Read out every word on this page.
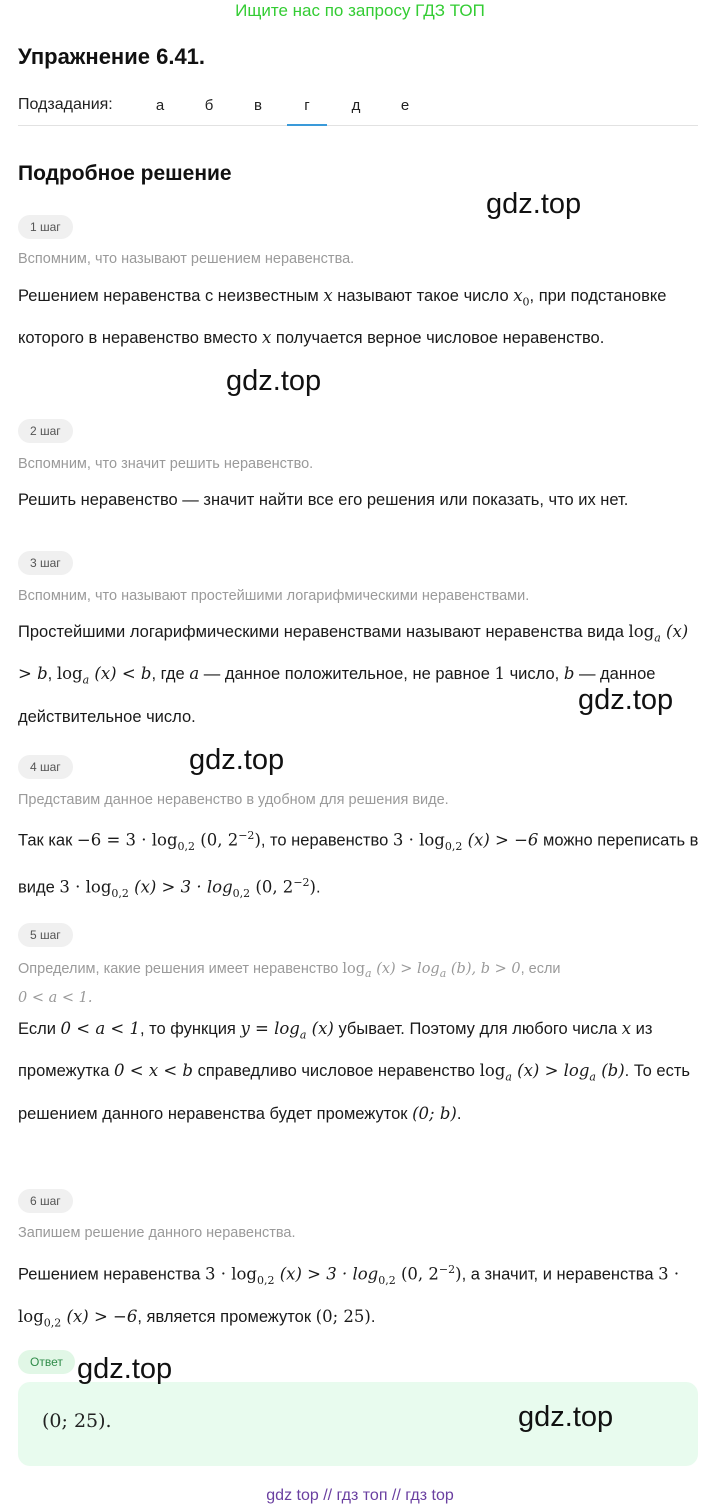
Ищите нас по запросу ГДЗ ТОП
Упражнение 6.41.
Подзадания:	а	б	в	г	д	е
Подробное решение
1 шаг
Вспомним, что называют решением неравенства.
Решением неравенства с неизвестным x называют такое число $x_0$, при подстановке которого в неравенство вместо x получается верное числовое неравенство.
2 шаг
Вспомним, что значит решить неравенство.
Решить неравенство — значит найти все его решения или показать, что их нет.
3 шаг
Вспомним, что называют простейшими логарифмическими неравенствами.
Простейшими логарифмическими неравенствами называют неравенства вида $\log_a (x) > b$, $\log_a (x) < b$, где a — данное положительное, не равное 1 число, b — данное действительное число.
4 шаг
Представим данное неравенство в удобном для решения виде.
Так как $-6 = 3 \cdot \log_{0,2} (0$, $2^{-2}$), то неравенство $3 \cdot \log_{0,2} (x) > -6$ можно переписать в виде $3 \cdot \log_{0,2} (x) > 3 \cdot \log_{0,2} (0$, $2^{-2}$).
5 шаг
Определим, какие решения имеет неравенство $\log_a (x) > \log_a (b)$, b > 0, если
0 < a < 1.
Если 0 < a < 1, то функция $y = \log_a (x)$ убывает. Поэтому для любого числа x из промежутка 0 < x < b справедливо числовое неравенство $\log_a (x) > \log_a (b)$. То есть решением данного неравенства будет промежуток (0; b).
6 шаг
Запишем решение данного неравенства.
Решением неравенства $3 \cdot \log_{0,2} (x) > 3 \cdot \log_{0,2} (0$, $2^{-2}$), а значит, и неравенства $3 \cdot \log_{0,2} (x) > -6$, является промежуток (0; 25).
Ответ
(0; 25).
gdz.top
gdz.top
gdz.top
gdz.top
gdz.top
gdz.top
gdz top // гдз топ // гдз top
